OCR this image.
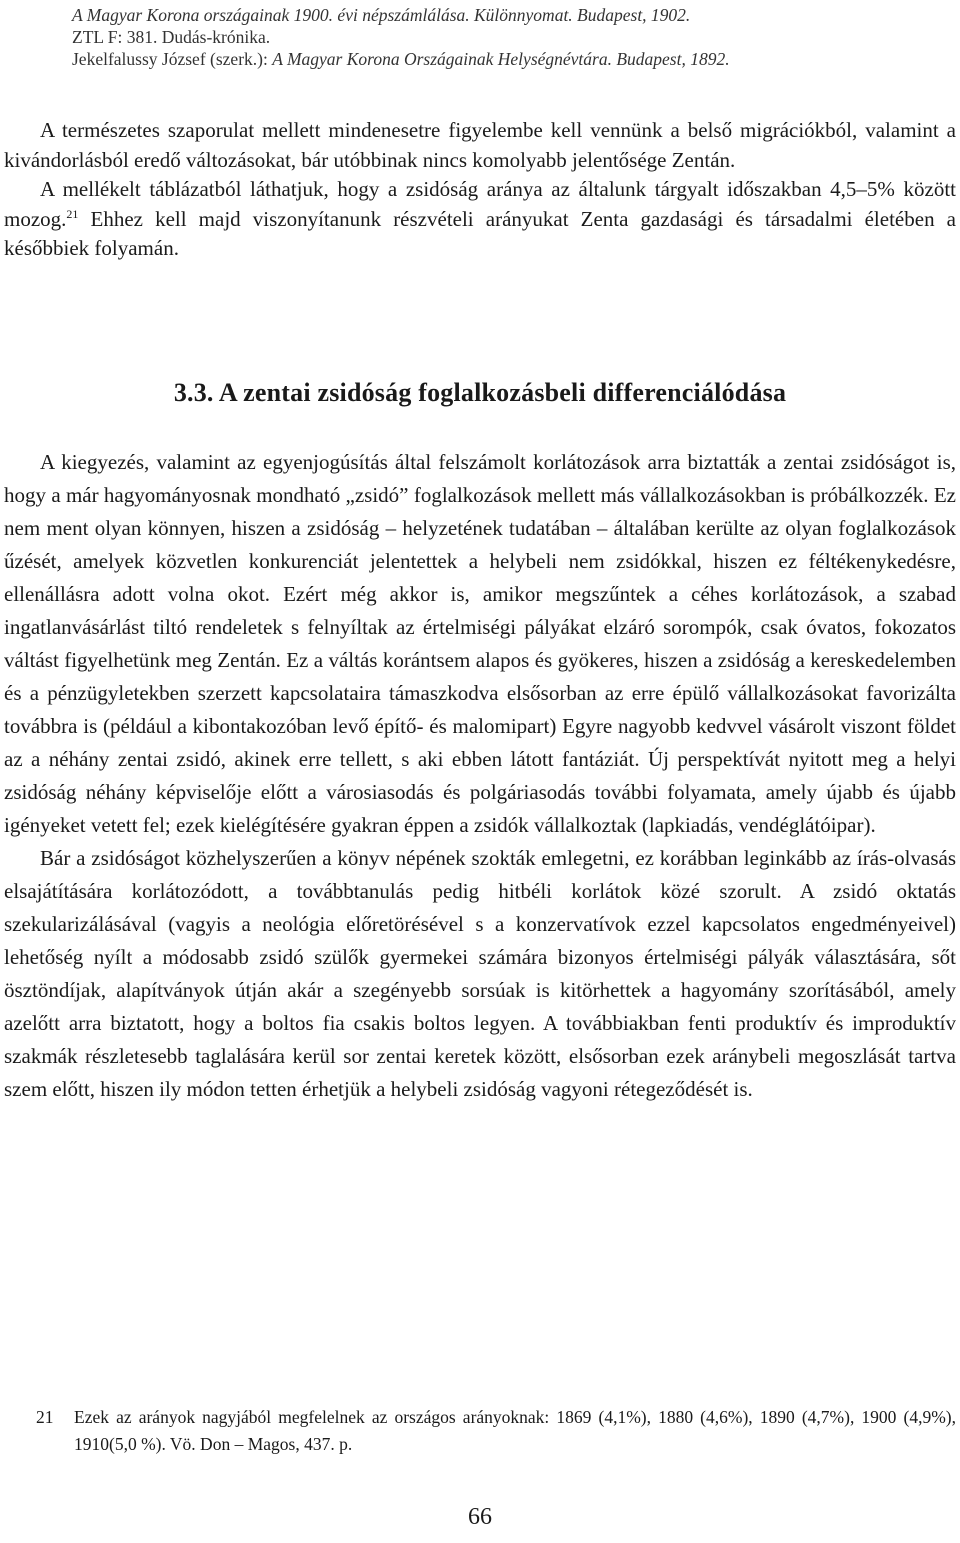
A Magyar Korona országainak 1900. évi népszámlálása. Különnyomat. Budapest, 1902.
ZTL F: 381. Dudás-krónika.
Jekelfalussy József (szerk.): A Magyar Korona Országainak Helységnévtára. Budapest, 1892.

A természetes szaporulat mellett mindenesetre figyelembe kell vennünk a belső migrációkból, valamint a kivándorlásból eredő változásokat, bár utóbbinak nincs komolyabb jelentősége Zentán.

A mellékelt táblázatból láthatjuk, hogy a zsidóság aránya az általunk tárgyalt időszakban 4,5–5% között mozog.$^{21}$ Ehhez kell majd viszonyítanunk részvételi arányukat Zenta gazdasági és társadalmi életében a későbbiek folyamán.

3.3. A zentai zsidóság foglalkozásbeli differenciálódása

A kiegyezés, valamint az egyenjogúsítás által felszámolt korlátozások arra biztatták a zentai zsidóságot is, hogy a már hagyományosnak mondható „zsidó” foglalkozások mellett más vállalkozásokban is próbálkozzék. Ez nem ment olyan könnyen, hiszen a zsidóság – helyzetének tudatában – általában kerülte az olyan foglalkozások űzését, amelyek közvetlen konkurenciát jelentettek a helybeli nem zsidókkal, hiszen ez féltékenykedésre, ellenállásra adott volna okot. Ezért még akkor is, amikor megszűntek a céhes korlátozások, a szabad ingatlanvásárlást tiltó rendeletek s felnyíltak az értelmiségi pályákat elzáró sorompók, csak óvatos, fokozatos váltást figyelhetünk meg Zentán. Ez a váltás korántsem alapos és gyökeres, hiszen a zsidóság a kereskedelemben és a pénzügyletekben szerzett kapcsolataira támaszkodva elsősorban az erre épülő vállalkozásokat favorizálta továbbra is (például a kibontakozóban levő építő- és malomipart) Egyre nagyobb kedvvel vásárolt viszont földet az a néhány zentai zsidó, akinek erre tellett, s aki ebben látott fantáziát. Új perspektívát nyitott meg a helyi zsidóság néhány képviselője előtt a városiasodás és polgáriasodás további folyamata, amely újabb és újabb igényeket vetett fel; ezek kielégítésére gyakran éppen a zsidók vállalkoztak (lapkiadás, vendéglátóipar).

Bár a zsidóságot közhelyszerűen a könyv népének szokták emlegetni, ez korábban leginkább az írás-olvasás elsajátítására korlátozódott, a továbbtanulás pedig hitbéli korlátok közé szorult. A zsidó oktatás szekularizálásával (vagyis a neológia előretörésével s a konzervatívok ezzel kapcsolatos engedményeivel) lehetőség nyílt a módosabb zsidó szülők gyermekei számára bizonyos értelmiségi pályák választására, sőt ösztöndíjak, alapítványok útján akár a szegényebb sorsúak is kitörhettek a hagyomány szorításából, amely azelőtt arra biztatott, hogy a boltos fia csakis boltos legyen. A továbbiakban fenti produktív és improduktív szakmák részletesebb taglalására kerül sor zentai keretek között, elsősorban ezek aránybeli megoszlását tartva szem előtt, hiszen ily módon tetten érhetjük a helybeli zsidóság vagyoni rétegeződését is.

21	Ezek az arányok nagyjából megfelelnek az országos arányoknak: 1869 (4,1%), 1880 (4,6%), 1890 (4,7%), 1900 (4,9%), 1910(5,0 %). Vö. Don – Magos, 437. p.
66
